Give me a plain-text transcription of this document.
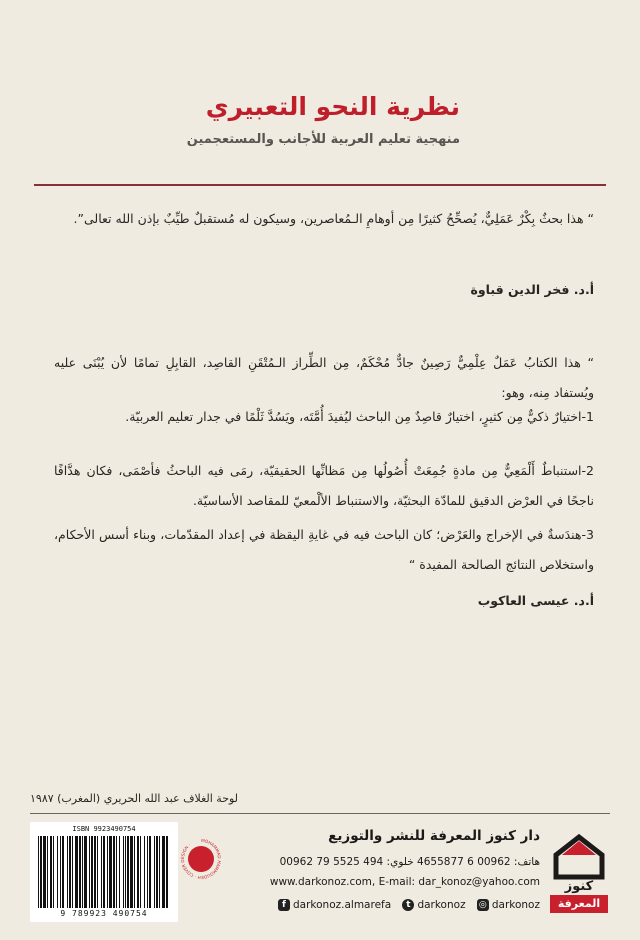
نظرية النحو التعبيري
منهجية تعليم العربية للأجانب والمستعجمين
“ هذا بحثٌ بِكْرٌ عَمَلِيٌّ، يُصحِّحُ كثيرًا مِن أوهامِ الـمُعاصرين، وسيكون له مُستقبلٌ طيِّبٌ بإذن الله تعالى”.
أ.د. فخر الدين قباوة
“ هذا الكتابُ عَمَلٌ عِلْمِيٌّ رَصِينٌ جادٌّ مُحْكَمٌ، مِن الطِّراز الـمُتْقَنِ القاصِد، القابِلِ تمامًا لأن يُبْنَى عليه ويُستفاد مِنه، وهو:
1-اختيارٌ ذكيٌّ مِن كثيرٍ، اختيارٌ قاصِدٌ مِن الباحث ليُفيدَ أُمَّتَه، ويَسُدَّ ثَلْمًا في جدار تعليم العربيّة.
2-استنباطٌ أَلْمَعِيٌّ مِن مادةٍ جُمِعَتْ أُصُولُها مِن مَظانِّها الحقيقيّة، رمَى فيه الباحثُ فأصْمَى، فكان هدَّافًا ناجحًا في العرْض الدقيق للمادّة البحثيّة، والاستنباط الألْمعيّ للمقاصد الأساسيّة.
3-هندَسةٌ في الإخراج والعَرْض؛ كان الباحث فيه في غايةِ اليقظة في إعداد المقدّمات، وبناء أسس الأحكام، واستخلاص النتائج الصالحة المفيدة “
أ.د. عيسى العاكوب
لوحة الغلاف عبد الله الحريري (المغرب) ١٩٨٧
ISBN 9923490754
9 789923 490754
MOHAMMAD HAMMOUDEH · COVER DESIGN ·
دار كنوز المعرفة للنشر والتوزيع
هاتف: 00962 6 4655877 خلوي: 494 5525 79 00962
www.darkonoz.com, E-mail: dar_konoz@yahoo.com
f darkonoz.almarefa	t darkonoz ◎ darkonoz
كنوز
المعرفة
